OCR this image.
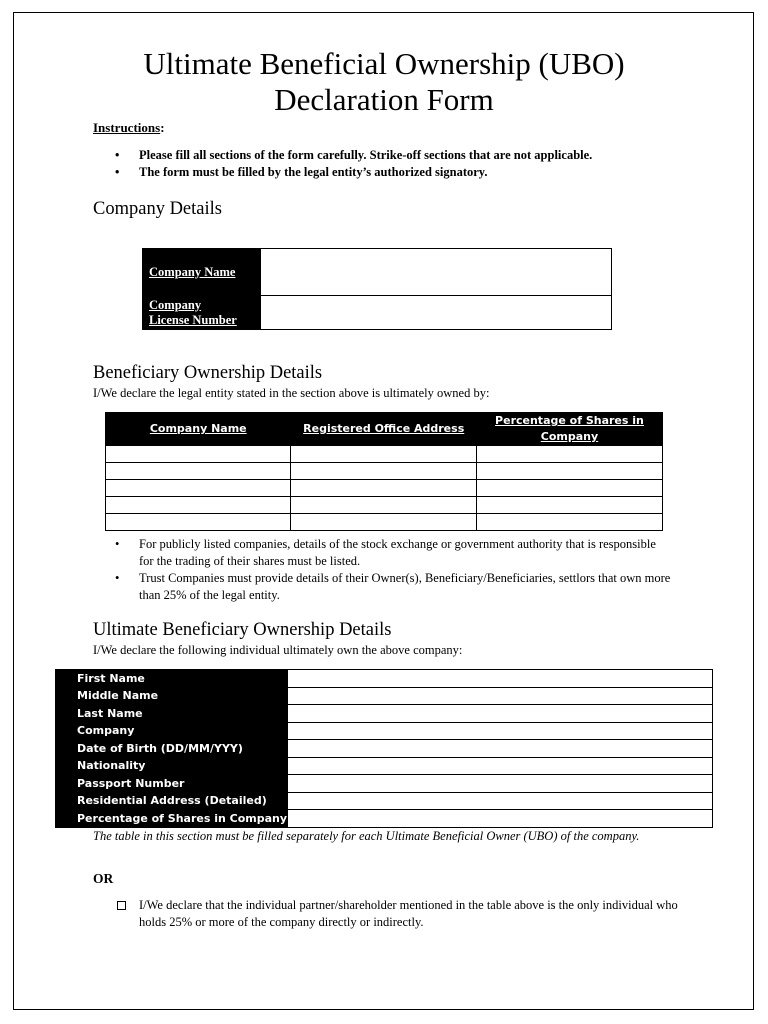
Ultimate Beneficial Ownership (UBO)
Declaration Form
Instructions:
• Please fill all sections of the form carefully. Strike-off sections that are not applicable.
• The form must be filled by the legal entity’s authorized signatory.
Company Details
Company Name	
Company
License Number	
Beneficiary Ownership Details
I/We declare the legal entity stated in the section above is ultimately owned by:
Company Name	Registered Office Address	Percentage of Shares in Company

• For publicly listed companies, details of the stock exchange or government authority that is responsible for the trading of their shares must be listed.
• Trust Companies must provide details of their Owner(s), Beneficiary/Beneficiaries, settlors that own more than 25% of the legal entity.
Ultimate Beneficiary Ownership Details
I/We declare the following individual ultimately own the above company:
First Name	
Middle Name	
Last Name	
Company	
Date of Birth (DD/MM/YYY)	
Nationality	
Passport Number	
Residential Address (Detailed)	
Percentage of Shares in Company	
The table in this section must be filled separately for each Ultimate Beneficial Owner (UBO) of the company.
OR
I/We declare that the individual partner/shareholder mentioned in the table above is the only individual who holds 25% or more of the company directly or indirectly.
